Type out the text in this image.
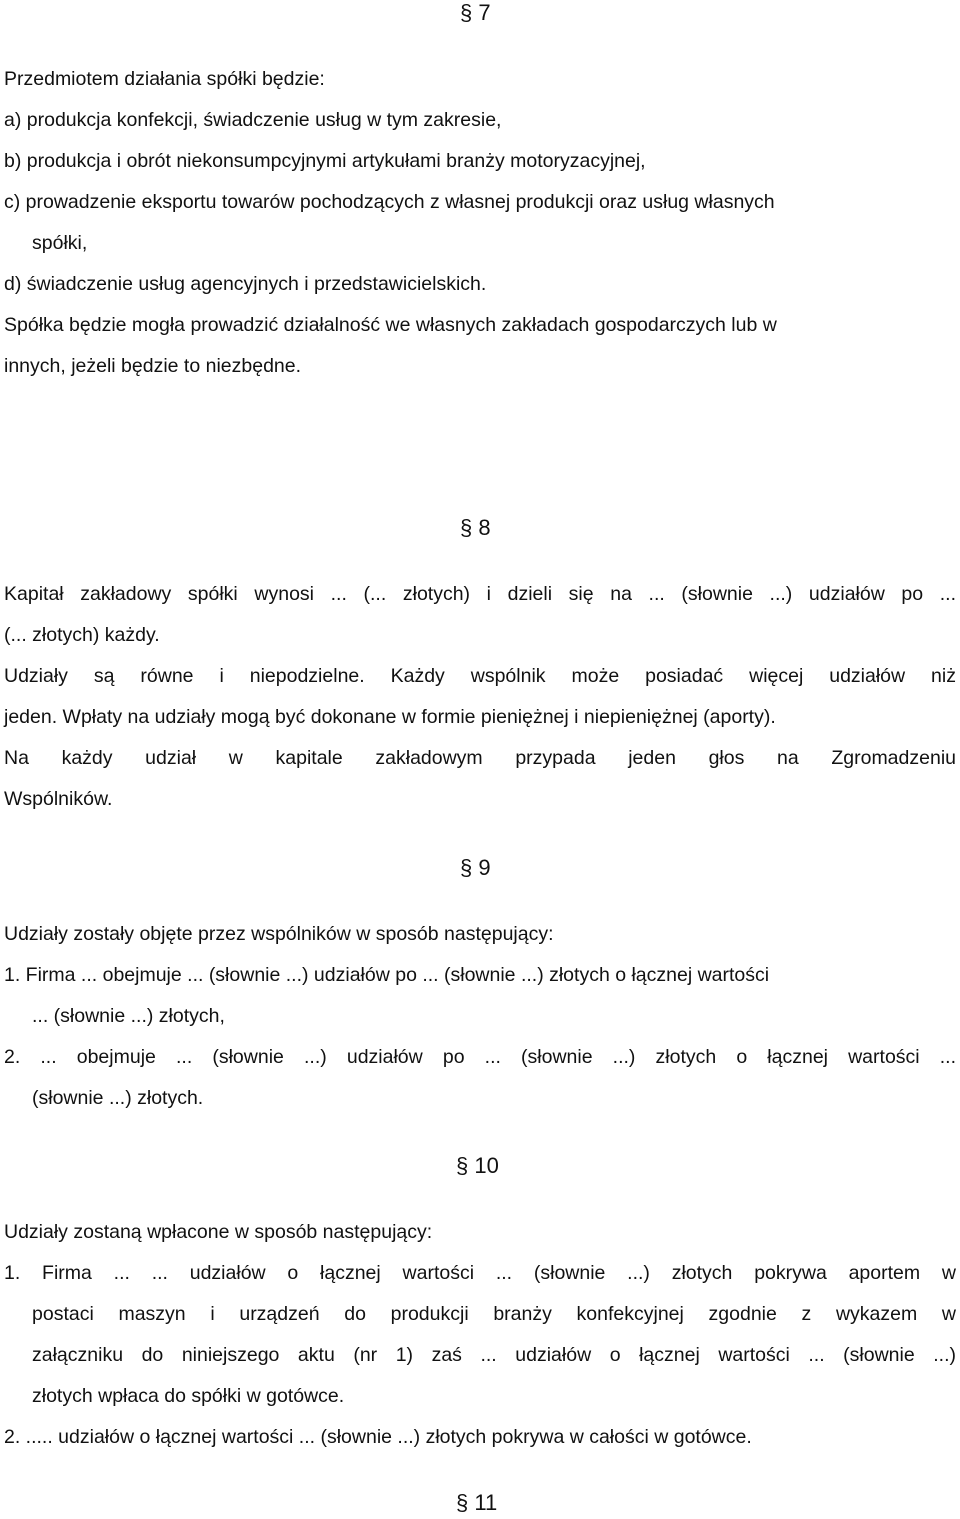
§ 7
Przedmiotem działania spółki będzie:
a) produkcja konfekcji, świadczenie usług w tym zakresie,
b) produkcja i obrót niekonsumpcyjnymi artykułami branży motoryzacyjnej,
c) prowadzenie eksportu towarów pochodzących z własnej produkcji oraz usług własnych
spółki,
d) świadczenie usług agencyjnych i przedstawicielskich.
Spółka będzie mogła prowadzić działalność we własnych zakładach gospodarczych lub w
innych, jeżeli będzie to niezbędne.
§ 8
Kapitał zakładowy spółki wynosi ... (... złotych) i dzieli się na ... (słownie ...) udziałów po ...
(... złotych) każdy.
Udziały są równe i niepodzielne. Każdy wspólnik może posiadać więcej udziałów niż
jeden. Wpłaty na udziały mogą być dokonane w formie pieniężnej i niepieniężnej (aporty).
Na każdy udział w kapitale zakładowym przypada jeden głos na Zgromadzeniu
Wspólników.
§ 9
Udziały zostały objęte przez wspólników w sposób następujący:
1. Firma ... obejmuje ... (słownie ...) udziałów po ... (słownie ...) złotych o łącznej wartości
... (słownie ...) złotych,
2. ... obejmuje ... (słownie ...) udziałów po ... (słownie ...) złotych o łącznej wartości ...
(słownie ...) złotych.
§ 10
Udziały zostaną wpłacone w sposób następujący:
1. Firma ... ... udziałów o łącznej wartości ... (słownie ...) złotych pokrywa aportem w
postaci maszyn i urządzeń do produkcji branży konfekcyjnej zgodnie z wykazem w
załączniku do niniejszego aktu (nr 1) zaś ... udziałów o łącznej wartości ... (słownie ...)
złotych wpłaca do spółki w gotówce.
2. ..... udziałów o łącznej wartości ... (słownie ...) złotych pokrywa w całości w gotówce.
§ 11
